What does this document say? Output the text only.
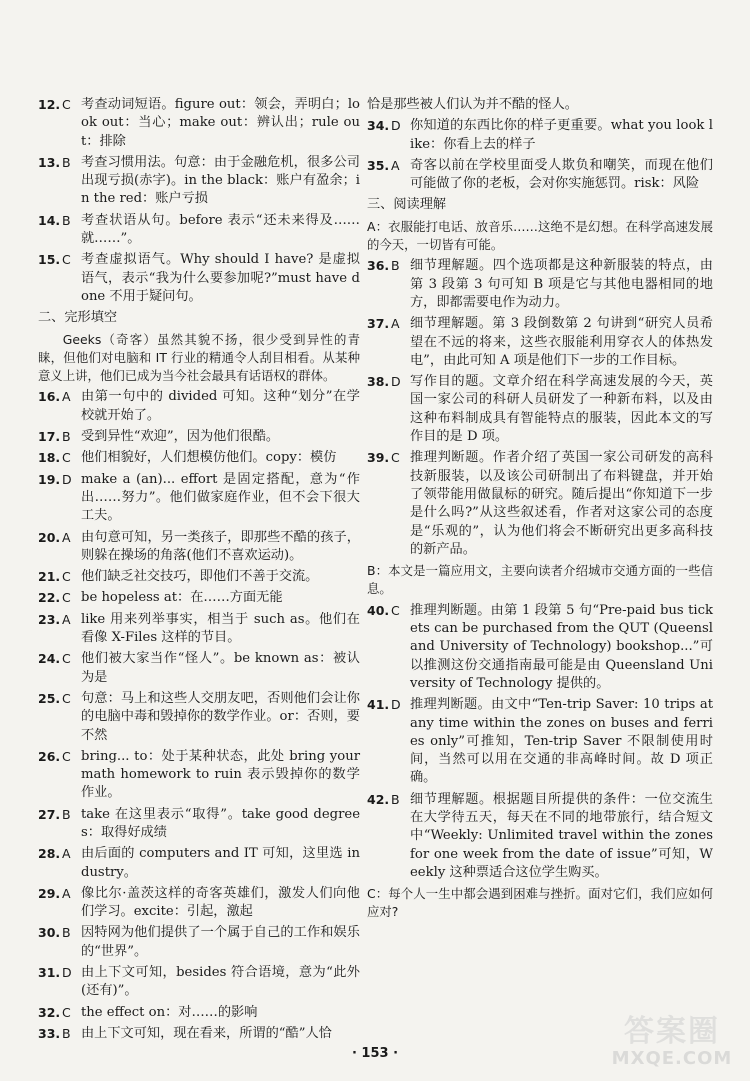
12. C 考查动词短语。figure out：领会，弄明白；look out：当心；make out：辨认出；rule out：排除
13. B 考查习惯用法。句意：由于金融危机，很多公司出现亏损(赤字)。in the black：账户有盈余；in the red：账户亏损
14. B 考查状语从句。before 表示“还未来得及……就……”。
15. C 考查虚拟语气。Why should I have? 是虚拟语气，表示“我为什么要参加呢?”must have done 不用于疑问句。
二、完形填空
Geeks（奇客）虽然其貌不扬，很少受到异性的青睐，但他们对电脑和 IT 行业的精通令人刮目相看。从某种意义上讲，他们已成为当今社会最具有话语权的群体。
16. A 由第一句中的 divided 可知。这种“划分”在学校就开始了。
17. B 受到异性“欢迎”，因为他们很酷。
18. C 他们相貌好，人们想模仿他们。copy：模仿
19. D make a (an)... effort 是固定搭配，意为“作出……努力”。他们做家庭作业，但不会下很大工夫。
20. A 由句意可知，另一类孩子，即那些不酷的孩子，则躲在操场的角落(他们不喜欢运动)。
21. C 他们缺乏社交技巧，即他们不善于交流。
22. C be hopeless at：在……方面无能
23. A like 用来列举事实，相当于 such as。他们在看像 X-Files 这样的节目。
24. C 他们被大家当作“怪人”。be known as：被认为是
25. C 句意：马上和这些人交朋友吧，否则他们会让你的电脑中毒和毁掉你的数学作业。or：否则，要不然
26. C bring... to：处于某种状态，此处 bring your math homework to ruin 表示毁掉你的数学作业。
27. B take 在这里表示“取得”。take good degrees：取得好成绩
28. A 由后面的 computers and IT 可知，这里选 industry。
29. A 像比尔·盖茨这样的奇客英雄们，激发人们向他们学习。excite：引起，激起
30. B 因特网为他们提供了一个属于自己的工作和娱乐的“世界”。
31. D 由上下文可知，besides 符合语境，意为“此外(还有)”。
32. C the effect on：对……的影响
33. B 由上下文可知，现在看来，所谓的“酷”人恰
恰是那些被人们认为并不酷的怪人。
34. D 你知道的东西比你的样子更重要。what you look like：你看上去的样子
35. A 奇客以前在学校里面受人欺负和嘲笑，而现在他们可能做了你的老板，会对你实施惩罚。risk：风险
三、阅读理解
A：衣服能打电话、放音乐……这绝不是幻想。在科学高速发展的今天，一切皆有可能。
36. B 细节理解题。四个选项都是这种新服装的特点，由第 3 段第 3 句可知 B 项是它与其他电器相同的地方，即都需要电作为动力。
37. A 细节理解题。第 3 段倒数第 2 句讲到“研究人员希望在不远的将来，这些衣服能利用穿衣人的体热发电”，由此可知 A 项是他们下一步的工作目标。
38. D 写作目的题。文章介绍在科学高速发展的今天，英国一家公司的科研人员研发了一种新布料，以及由这种布料制成具有智能特点的服装，因此本文的写作目的是 D 项。
39. C 推理判断题。作者介绍了英国一家公司研发的高科技新服装，以及该公司研制出了布料键盘，并开始了领带能用做鼠标的研究。随后提出“你知道下一步是什么吗?”从这些叙述看，作者对这家公司的态度是“乐观的”，认为他们将会不断研究出更多高科技的新产品。
B：本文是一篇应用文，主要向读者介绍城市交通方面的一些信息。
40. C 推理判断题。由第 1 段第 5 句“Pre-paid bus tickets can be purchased from the QUT (Queensland University of Technology) bookshop...”可以推测这份交通指南最可能是由 Queensland University of Technology 提供的。
41. D 推理判断题。由文中“Ten-trip Saver: 10 trips at any time within the zones on buses and ferries only”可推知，Ten-trip Saver 不限制使用时间，当然可以用在交通的非高峰时间。故 D 项正确。
42. B 细节理解题。根据题目所提供的条件：一位交流生在大学待五天，每天在不同的地带旅行，结合短文中“Weekly: Unlimited travel within the zones for one week from the date of issue”可知，Weekly 这种票适合这位学生购买。
C：每个人一生中都会遇到困难与挫折。面对它们，我们应如何应对?
· 153 ·
答案圈
MXQE.COM
